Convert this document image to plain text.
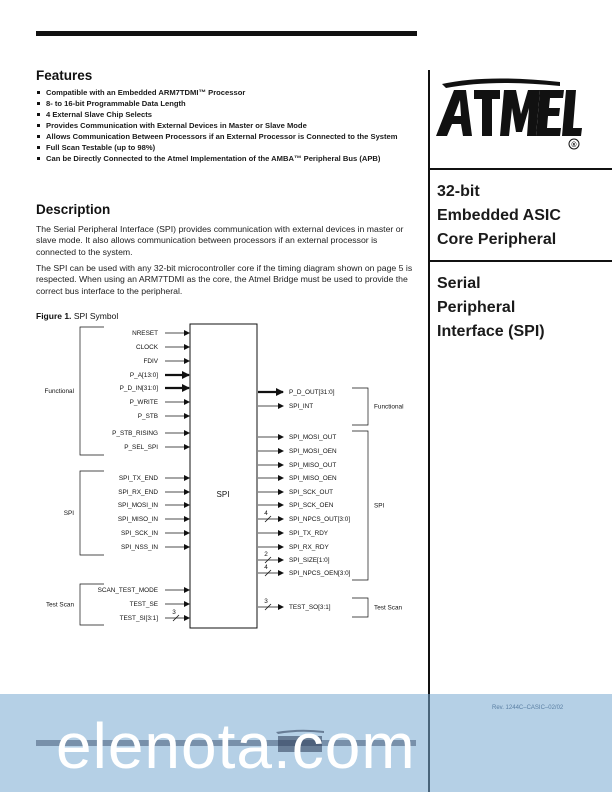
®
32-bit
Embedded ASIC
Core Peripheral
Serial
Peripheral
Interface (SPI)
Features
Compatible with an Embedded ARM7TDMI™ Processor
8- to 16-bit Programmable Data Length
4 External Slave Chip Selects
Provides Communication with External Devices in Master or Slave Mode
Allows Communication Between Processors if an External Processor is Connected to the System
Full Scan Testable (up to 98%)
Can be Directly Connected to the Atmel Implementation of the AMBA™ Peripheral Bus (APB)
Description

The Serial Peripheral Interface (SPI) provides communication with external devices in master or slave mode. It also allows communication between processors if an external processor is connected to the system.

The SPI can be used with any 32-bit microcontroller core if the timing diagram shown on page 5 is respected. When using an ARM7TDMI as the core, the Atmel Bridge must be used to provide the correct bus interface to the peripheral.

Figure 1. SPI Symbol
SPI
NRESET
CLOCK
FDIV
P_A[13:0]
P_D_IN[31:0]
P_WRITE
P_STB
P_STB_RISING
P_SEL_SPI
SPI_TX_END
SPI_RX_END
SPI_MOSI_IN
SPI_MISO_IN
SPI_SCK_IN
SPI_NSS_IN
SCAN_TEST_MODE
TEST_SE
TEST_SI[3:1]
3
P_D_OUT[31:0]
SPI_INT
SPI_MOSI_OUT
SPI_MOSI_OEN
SPI_MISO_OUT
SPI_MISO_OEN
SPI_SCK_OUT
SPI_SCK_OEN
SPI_NPCS_OUT[3:0]
4
SPI_TX_RDY
SPI_RX_RDY
SPI_SIZE[1:0]
2
SPI_NPCS_OEN[3:0]
4
TEST_SO[3:1]
3
Functional
SPI
Test Scan
Functional
SPI
Test Scan
Rev. 1244C–CASIC–02/02
elenota.com
